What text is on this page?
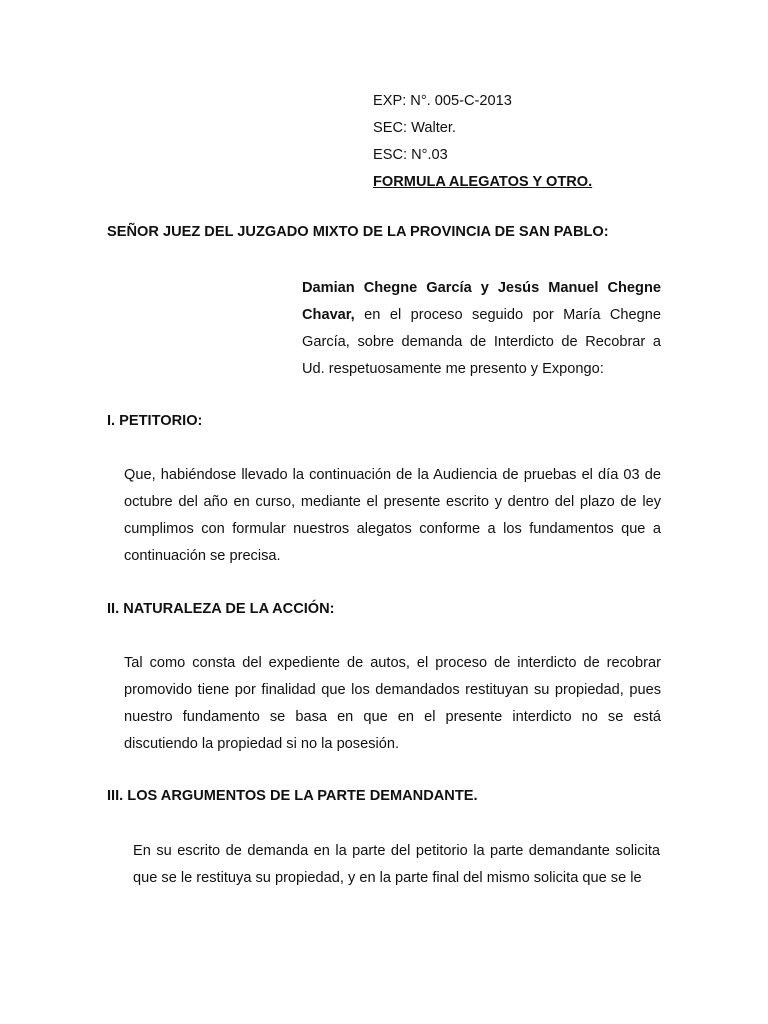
EXP: N°. 005-C-2013
SEC: Walter.
ESC: N°.03
FORMULA ALEGATOS Y OTRO.
SEÑOR JUEZ DEL JUZGADO MIXTO DE LA PROVINCIA DE SAN PABLO:
Damian Chegne García y Jesús Manuel Chegne Chavar, en el proceso seguido por María Chegne García, sobre demanda de Interdicto de Recobrar a Ud. respetuosamente me presento y Expongo:
I. PETITORIO:
Que, habiéndose llevado la continuación de la Audiencia de pruebas el día 03 de octubre del año en curso, mediante el presente escrito y dentro del plazo de ley cumplimos con formular nuestros alegatos conforme a los fundamentos que a continuación se precisa.
II. NATURALEZA DE LA ACCIÓN:
Tal como consta del expediente de autos, el proceso de interdicto de recobrar promovido tiene por finalidad que los demandados restituyan su propiedad, pues nuestro fundamento se basa en que en el presente interdicto no se está discutiendo la propiedad si no la posesión.
III. LOS ARGUMENTOS DE LA PARTE DEMANDANTE.
En su escrito de demanda en la parte del petitorio la parte demandante solicita que se le restituya su propiedad, y en la parte final del mismo solicita que se le
